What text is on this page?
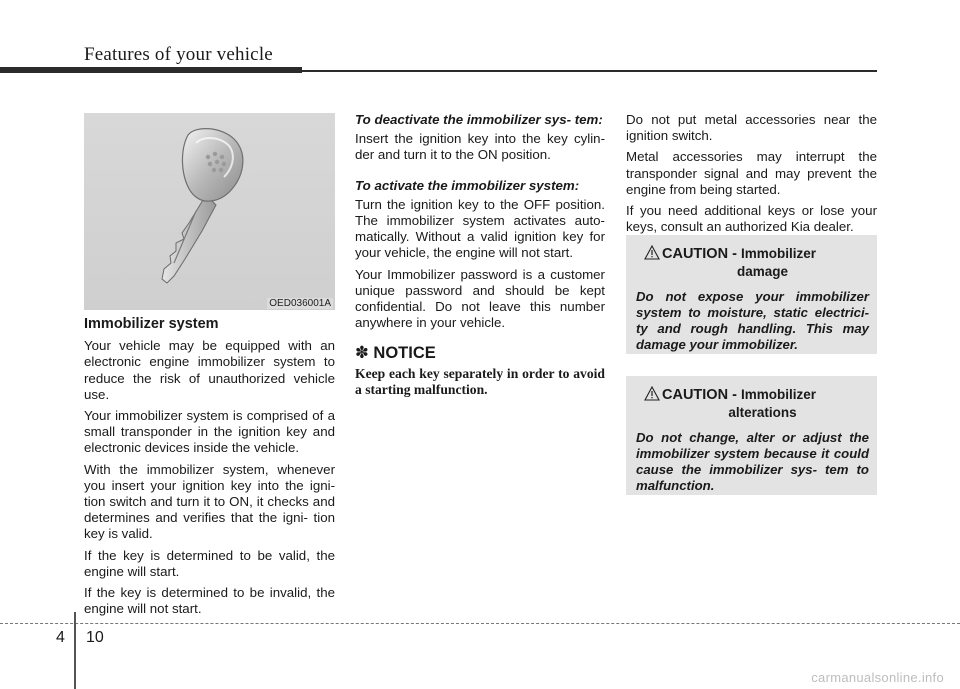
Features of your vehicle
OED036001A
Immobilizer system

Your vehicle may be equipped with an electronic engine immobilizer system to reduce the risk of unauthorized vehicle use.

Your immobilizer system is comprised of a small transponder in the ignition key and electronic devices inside the vehicle.

With the immobilizer system, whenever you insert your ignition key into the igni- tion switch and turn it to ON, it checks and determines and verifies that the igni- tion key is valid.

If the key is determined to be valid, the engine will start.

If the key is determined to be invalid, the engine will not start.

To deactivate the immobilizer sys- tem:

Insert the ignition key into the key cylin- der and turn it to the ON position.

To activate the immobilizer system:

Turn the ignition key to the OFF position. The immobilizer system activates auto- matically. Without a valid ignition key for your vehicle, the engine will not start.

Your Immobilizer password is a customer unique password and should be kept confidential. Do not leave this number anywhere in your vehicle.

✽ NOTICE

Keep each key separately in order to avoid a starting malfunction.

Do not put metal accessories near the ignition switch.

Metal accessories may interrupt the transponder signal and may prevent the engine from being started.

If you need additional keys or lose your keys, consult an authorized Kia dealer.

CAUTION - Immobilizer
damage
Do not expose your immobilizer system to moisture, static electrici- ty and rough handling. This may damage your immobilizer.
CAUTION - Immobilizer
alterations
Do not change, alter or adjust the immobilizer system because it could cause the immobilizer sys- tem to malfunction.
4 10
carmanualsonline.info
